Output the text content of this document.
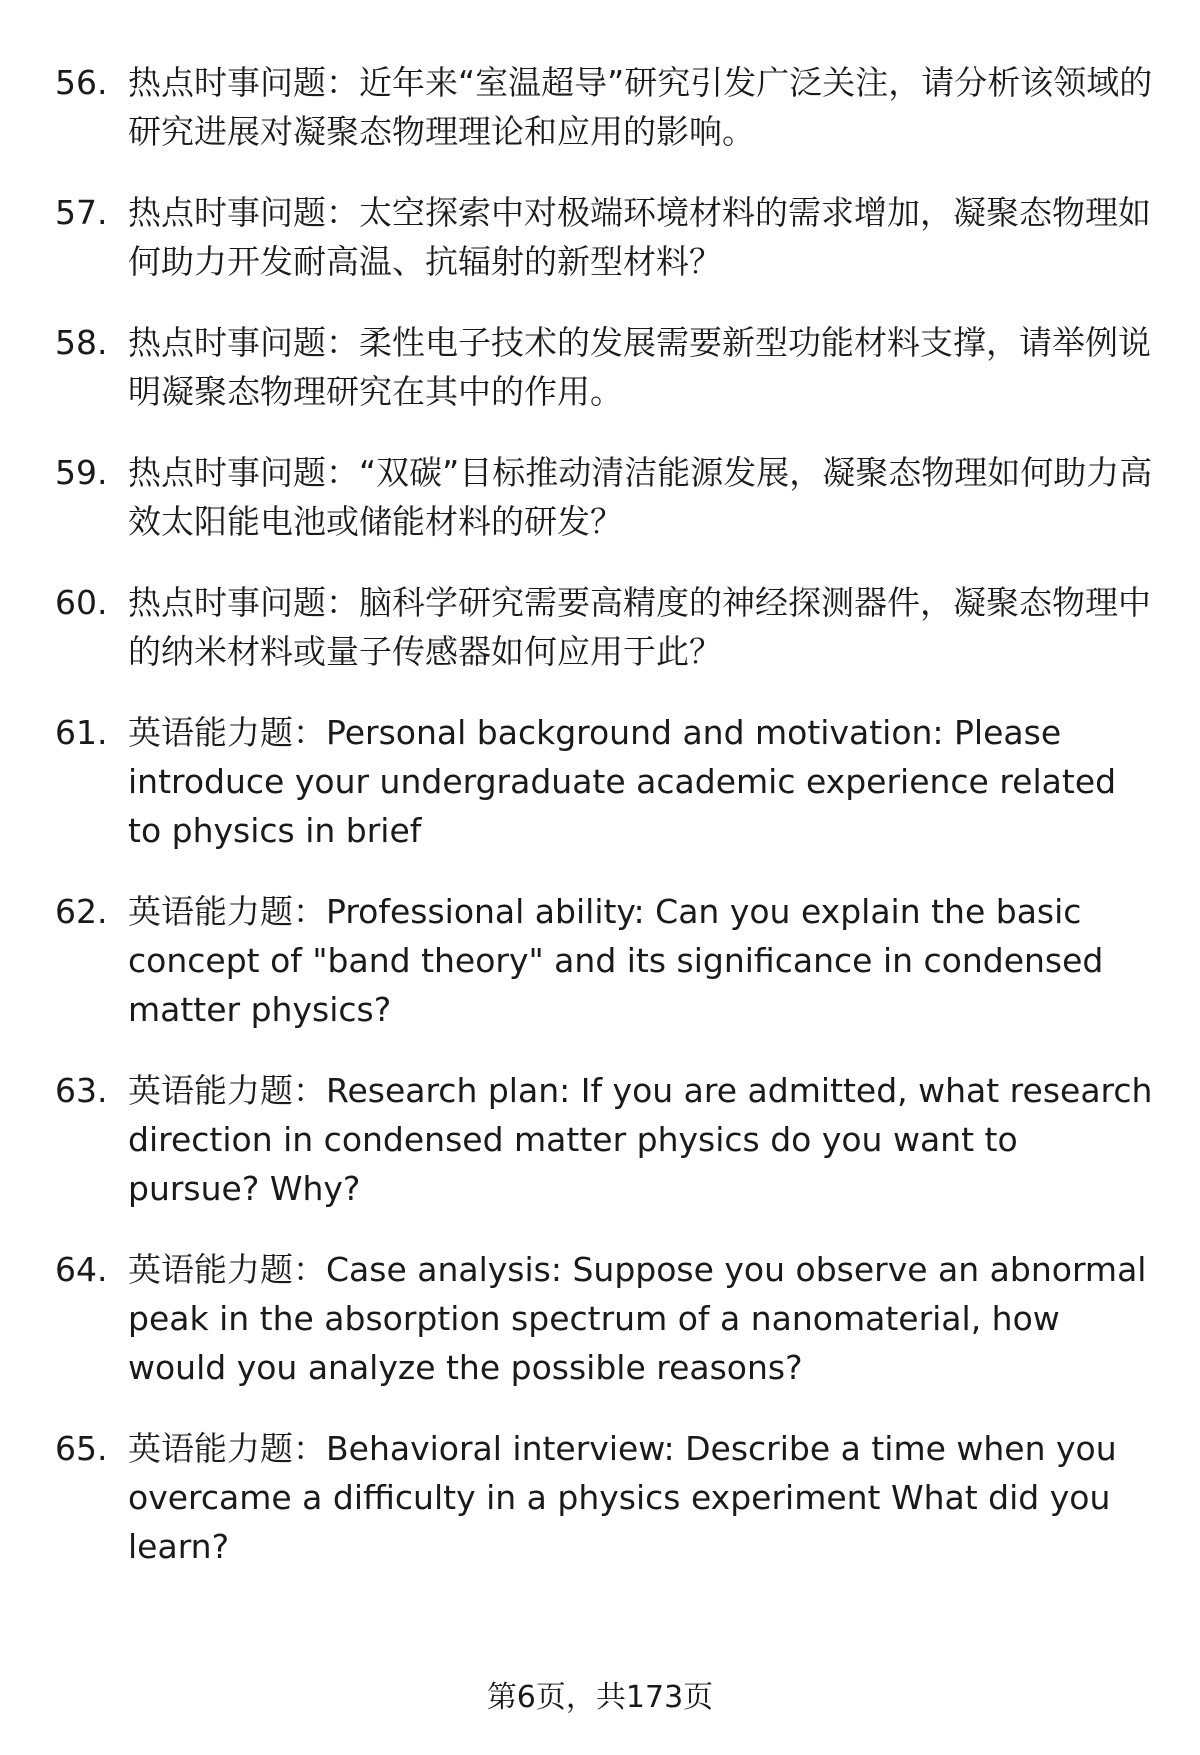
﻿
56. 热点时事问题：近年来“室温超导”研究引发广泛关注，请分析该领域的研究进展对凝聚态物理理论和应用的影响。
57. 热点时事问题：太空探索中对极端环境材料的需求增加，凝聚态物理如何助力开发耐高温、抗辐射的新型材料？
58. 热点时事问题：柔性电子技术的发展需要新型功能材料支撑，请举例说明凝聚态物理研究在其中的作用。
59. 热点时事问题：“双碳”目标推动清洁能源发展，凝聚态物理如何助力高效太阳能电池或储能材料的研发？
60. 热点时事问题：脑科学研究需要高精度的神经探测器件，凝聚态物理中的纳米材料或量子传感器如何应用于此？
61. 英语能力题：Personal background and motivation: Please introduce your undergraduate academic experience related to physics in brief
62. 英语能力题：Professional ability: Can you explain the basic concept of "band theory" and its significance in condensed matter physics?
63. 英语能力题：Research plan: If you are admitted, what research direction in condensed matter physics do you want to pursue? Why?
64. 英语能力题：Case analysis: Suppose you observe an abnormal peak in the absorption spectrum of a nanomaterial, how would you analyze the possible reasons?
65. 英语能力题：Behavioral interview: Describe a time when you overcame a difficulty in a physics experiment What did you learn?
第6页，共173页
